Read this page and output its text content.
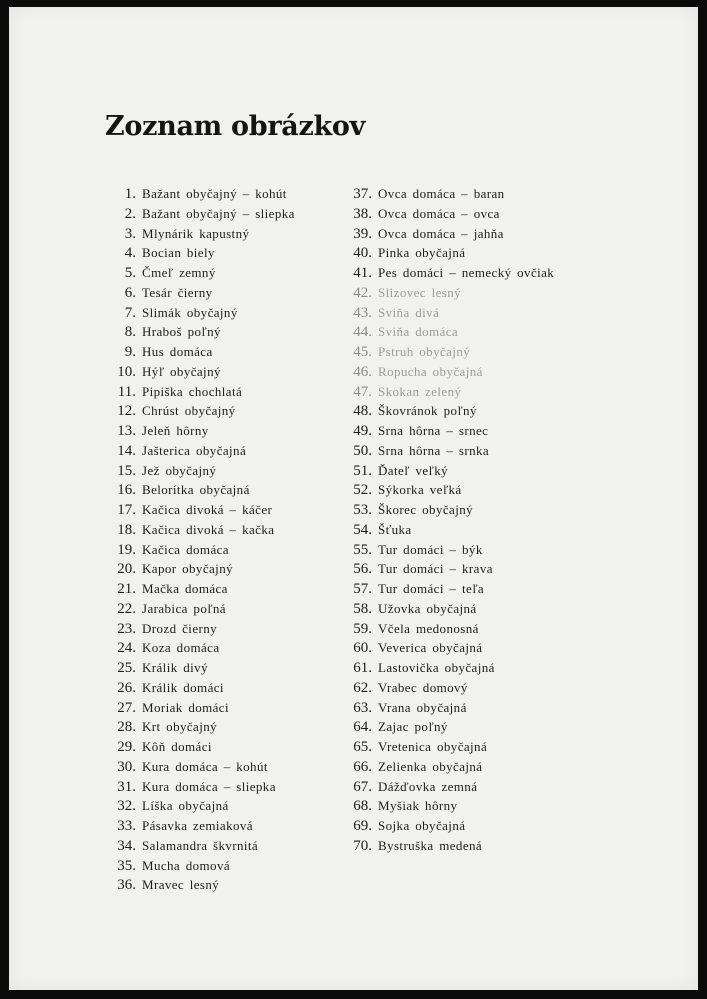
Zoznam obrázkov
1. Bažant obyčajný – kohút
2. Bažant obyčajný – sliepka
3. Mlynárik kapustný
4. Bocian biely
5. Čmeľ zemný
6. Tesár čierny
7. Slimák obyčajný
8. Hraboš poľný
9. Hus domáca
10. Hýľ obyčajný
11. Pipiška chochlatá
12. Chrúst obyčajný
13. Jeleň hôrny
14. Jašterica obyčajná
15. Jež obyčajný
16. Belorítka obyčajná
17. Kačica divoká – káčer
18. Kačica divoká – kačka
19. Kačica domáca
20. Kapor obyčajný
21. Mačka domáca
22. Jarabica poľná
23. Drozd čierny
24. Koza domáca
25. Králik divý
26. Králik domáci
27. Moriak domáci
28. Krt obyčajný
29. Kôň domáci
30. Kura domáca – kohút
31. Kura domáca – sliepka
32. Líška obyčajná
33. Pásavka zemiaková
34. Salamandra škvrnitá
35. Mucha domová
36. Mravec lesný
37. Ovca domáca – baran
38. Ovca domáca – ovca
39. Ovca domáca – jahňa
40. Pinka obyčajná
41. Pes domáci – nemecký ovčiak
42. Slizovec lesný
43. Sviňa divá
44. Sviňa domáca
45. Pstruh obyčajný
46. Ropucha obyčajná
47. Skokan zelený
48. Škovránok poľný
49. Srna hôrna – srnec
50. Srna hôrna – srnka
51. Ďateľ veľký
52. Sýkorka veľká
53. Škorec obyčajný
54. Šťuka
55. Tur domáci – býk
56. Tur domáci – krava
57. Tur domáci – teľa
58. Užovka obyčajná
59. Včela medonosná
60. Veverica obyčajná
61. Lastovička obyčajná
62. Vrabec domový
63. Vrana obyčajná
64. Zajac poľný
65. Vretenica obyčajná
66. Zelienka obyčajná
67. Dážďovka zemná
68. Myšiak hôrny
69. Sojka obyčajná
70. Bystruška medená
